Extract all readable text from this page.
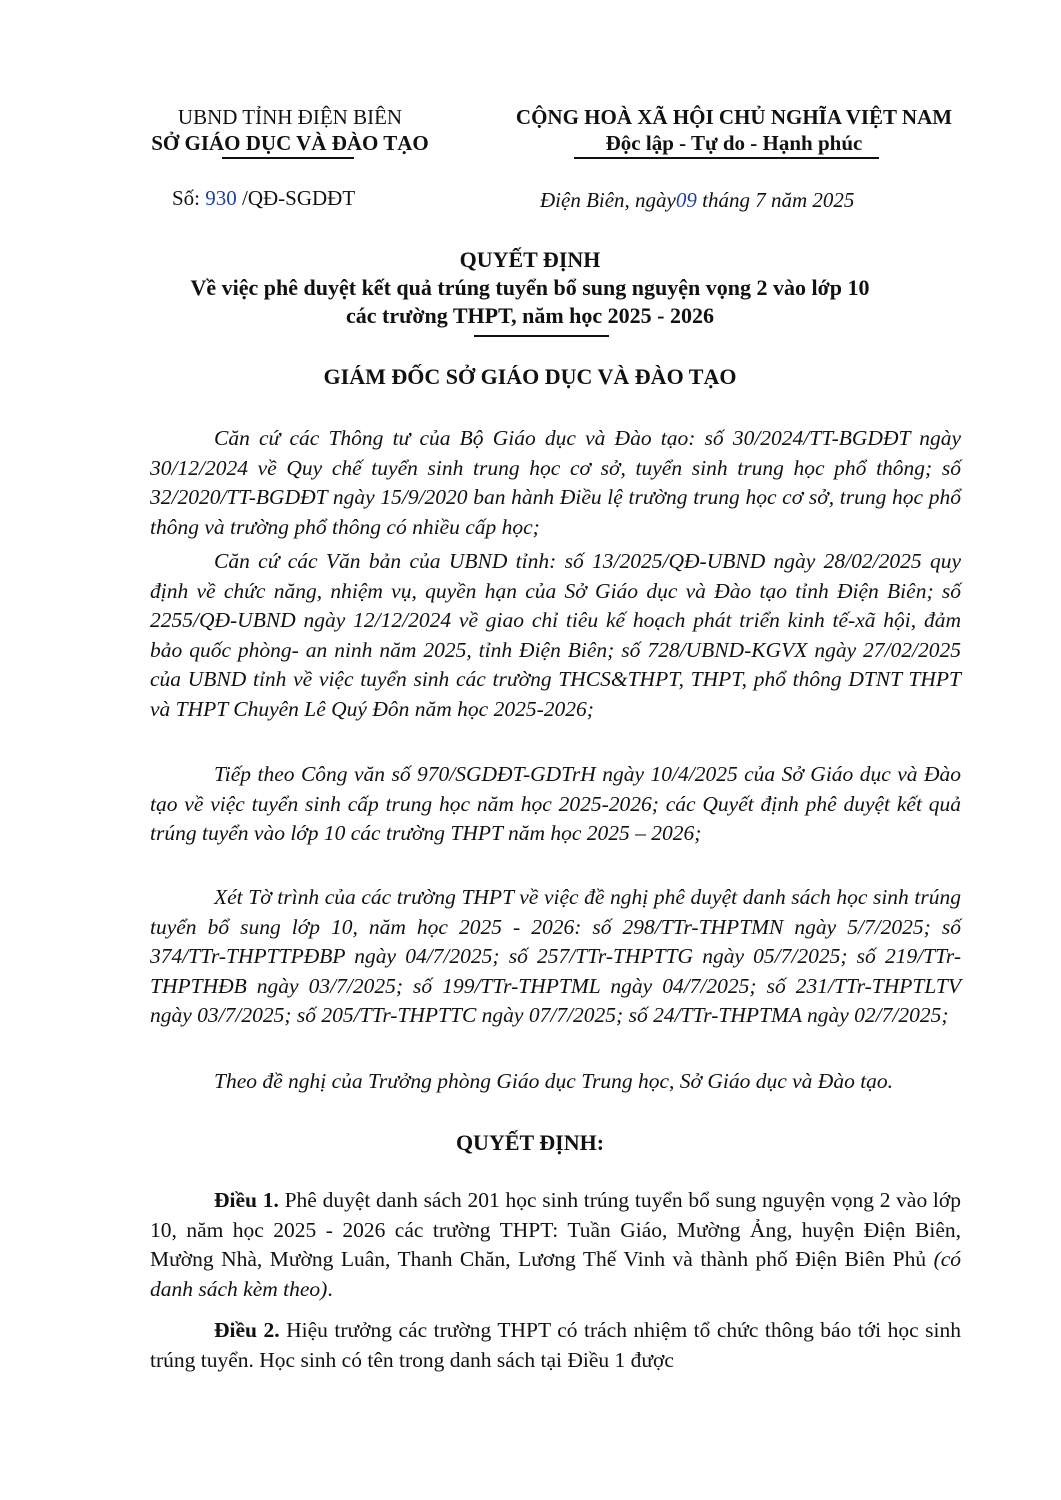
UBND TỈNH ĐIỆN BIÊN
SỞ GIÁO DỤC VÀ ĐÀO TẠO
CỘNG HOÀ XÃ HỘI CHỦ NGHĨA VIỆT NAM
Độc lập - Tự do - Hạnh phúc
Số: 930 /QĐ-SGDĐT	Điện Biên, ngày09 tháng 7 năm 2025
QUYẾT ĐỊNH
Về việc phê duyệt kết quả trúng tuyển bổ sung nguyện vọng 2 vào lớp 10
các trường THPT, năm học 2025 - 2026
GIÁM ĐỐC SỞ GIÁO DỤC VÀ ĐÀO TẠO

Căn cứ các Thông tư của Bộ Giáo dục và Đào tạo: số 30/2024/TT-BGDĐT ngày 30/12/2024 về Quy chế tuyển sinh trung học cơ sở, tuyển sinh trung học phổ thông; số 32/2020/TT-BGDĐT ngày 15/9/2020 ban hành Điều lệ trường trung học cơ sở, trung học phổ thông và trường phổ thông có nhiều cấp học;

Căn cứ các Văn bản của UBND tỉnh: số 13/2025/QĐ-UBND ngày 28/02/2025 quy định về chức năng, nhiệm vụ, quyền hạn của Sở Giáo dục và Đào tạo tỉnh Điện Biên; số 2255/QĐ-UBND ngày 12/12/2024 về giao chỉ tiêu kế hoạch phát triển kinh tế-xã hội, đảm bảo quốc phòng- an ninh năm 2025, tỉnh Điện Biên; số 728/UBND-KGVX ngày 27/02/2025 của UBND tỉnh về việc tuyển sinh các trường THCS&THPT, THPT, phổ thông DTNT THPT và THPT Chuyên Lê Quý Đôn năm học 2025-2026;

Tiếp theo Công văn số 970/SGDĐT-GDTrH ngày 10/4/2025 của Sở Giáo dục và Đào tạo về việc tuyển sinh cấp trung học năm học 2025-2026; các Quyết định phê duyệt kết quả trúng tuyển vào lớp 10 các trường THPT năm học 2025 – 2026;

Xét Tờ trình của các trường THPT về việc đề nghị phê duyệt danh sách học sinh trúng tuyển bổ sung lớp 10, năm học 2025 - 2026: số 298/TTr-THPTMN ngày 5/7/2025; số 374/TTr-THPTTPĐBP ngày 04/7/2025; số 257/TTr-THPTTG ngày 05/7/2025; số 219/TTr-THPTHĐB ngày 03/7/2025; số 199/TTr-THPTML ngày 04/7/2025; số 231/TTr-THPTLTV ngày 03/7/2025; số 205/TTr-THPTTC ngày 07/7/2025; số 24/TTr-THPTMA ngày 02/7/2025;

Theo đề nghị của Trưởng phòng Giáo dục Trung học, Sở Giáo dục và Đào tạo.

QUYẾT ĐỊNH:

Điều 1. Phê duyệt danh sách 201 học sinh trúng tuyển bổ sung nguyện vọng 2 vào lớp 10, năm học 2025 - 2026 các trường THPT: Tuần Giáo, Mường Ảng, huyện Điện Biên, Mường Nhà, Mường Luân, Thanh Chăn, Lương Thế Vinh và thành phố Điện Biên Phủ (có danh sách kèm theo).

Điều 2. Hiệu trưởng các trường THPT có trách nhiệm tổ chức thông báo tới học sinh trúng tuyển. Học sinh có tên trong danh sách tại Điều 1 được
